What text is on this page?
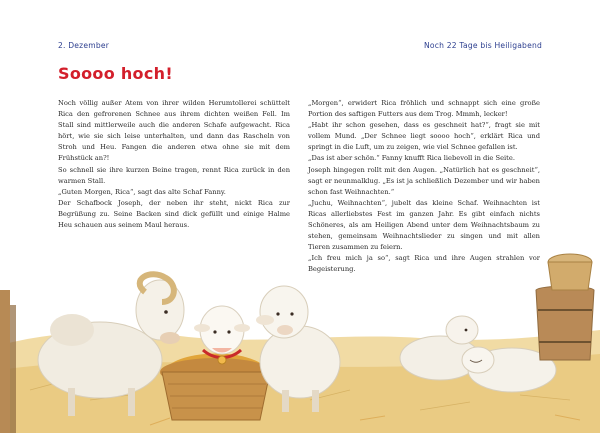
2. Dezember	Noch 22 Tage bis Heiligabend
Soooo hoch!

Noch völlig außer Atem von ihrer wilden Herumtollerei schüttelt Rica den gefrorenen Schnee aus ihrem dichten weißen Fell. Im Stall sind mittlerweile auch die anderen Schafe aufgewacht. Rica hört, wie sie sich leise unterhalten, und dann das Rascheln von Stroh und Heu. Fangen die anderen etwa ohne sie mit dem Frühstück an?!

So schnell sie ihre kurzen Beine tragen, rennt Rica zurück in den warmen Stall.

„Guten Morgen, Rica“, sagt das alte Schaf Fanny.

Der Schafbock Joseph, der neben ihr steht, nickt Rica zur Begrüßung zu. Seine Backen sind dick gefüllt und einige Halme Heu schauen aus seinem Maul heraus.

„Morgen“, erwidert Rica fröhlich und schnappt sich eine große Portion des saftigen Futters aus dem Trog. Mmmh, lecker!

„Habt ihr schon gesehen, dass es geschneit hat?“, fragt sie mit vollem Mund. „Der Schnee liegt soooo hoch“, erklärt Rica und springt in die Luft, um zu zeigen, wie viel Schnee gefallen ist.

„Das ist aber schön.“ Fanny knufft Rica liebevoll in die Seite.

Joseph hingegen rollt mit den Augen. „Natürlich hat es geschneit“, sagt er neunmalklug. „Es ist ja schließlich Dezember und wir haben schon fast Weihnachten.“

„Juchu, Weihnachten“, jubelt das kleine Schaf. Weihnachten ist Ricas allerliebstes Fest im ganzen Jahr. Es gibt einfach nichts Schöneres, als am Heiligen Abend unter dem Weihnachtsbaum zu stehen, gemeinsam Weihnachtslieder zu singen und mit allen Tieren zusammen zu feiern.

„Ich freu mich ja so“, sagt Rica und ihre Augen strahlen vor Begeisterung.
